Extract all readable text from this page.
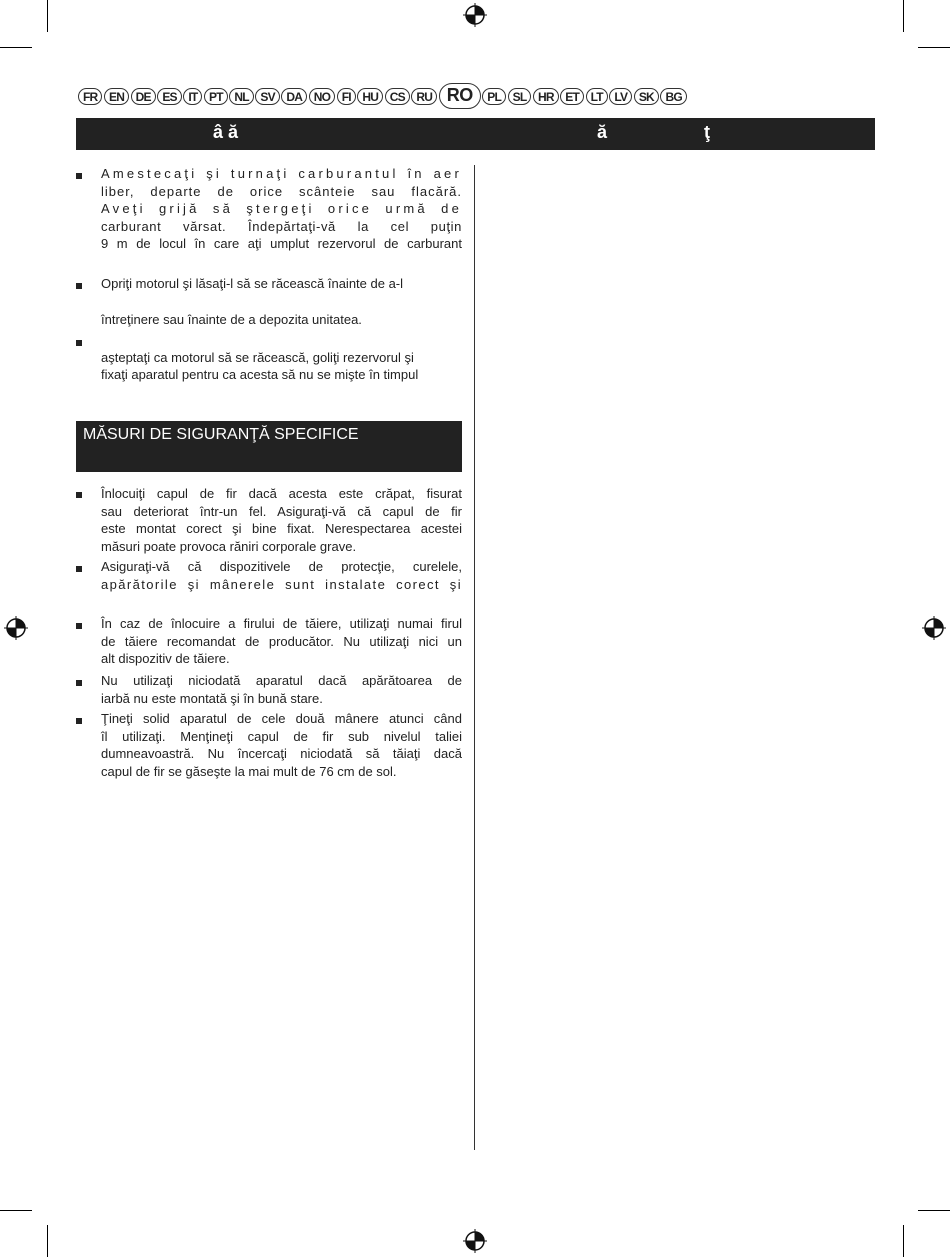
FR EN DE ES IT PT NL SV DA NO FI HU CS RU RO	PL SL HR ET LT LV SK BG
â ă	ă	ţ
Amestecaţi şi turnaţi carburantul în aer
liber, departe de orice scânteie sau flacără.
Aveţi grijă să ştergeţi orice urmă de
carburant vărsat. Îndepărtaţi-vă la cel puţin
9 m de locul în care aţi umplut rezervorul de carburant
Opriţi motorul şi lăsaţi-l să se răcească înainte de a-l
întreţinere sau înainte de a depozita unitatea.
aşteptaţi ca motorul să se răcească, goliţi rezervorul şi
fixaţi aparatul pentru ca acesta să nu se mişte în timpul
MĂSURI DE SIGURANŢĂ SPECIFICE
Înlocuiţi capul de fir dacă acesta este crăpat, fisurat
sau deteriorat într-un fel. Asiguraţi-vă că capul de fir
este montat corect şi bine fixat. Nerespectarea acestei
măsuri poate provoca răniri corporale grave.
Asiguraţi-vă că dispozitivele de protecţie, curelele,
apărătorile şi mânerele sunt instalate corect şi
În caz de înlocuire a firului de tăiere, utilizaţi numai firul
de tăiere recomandat de producător. Nu utilizaţi nici un
alt dispozitiv de tăiere.
Nu utilizaţi niciodată aparatul dacă apărătoarea de
iarbă nu este montată şi în bună stare.
Ţineţi solid aparatul de cele două mânere atunci când
îl utilizaţi. Menţineţi capul de fir sub nivelul taliei
dumneavoastră. Nu încercaţi niciodată să tăiaţi dacă
capul de fir se găseşte la mai mult de 76 cm de sol.
